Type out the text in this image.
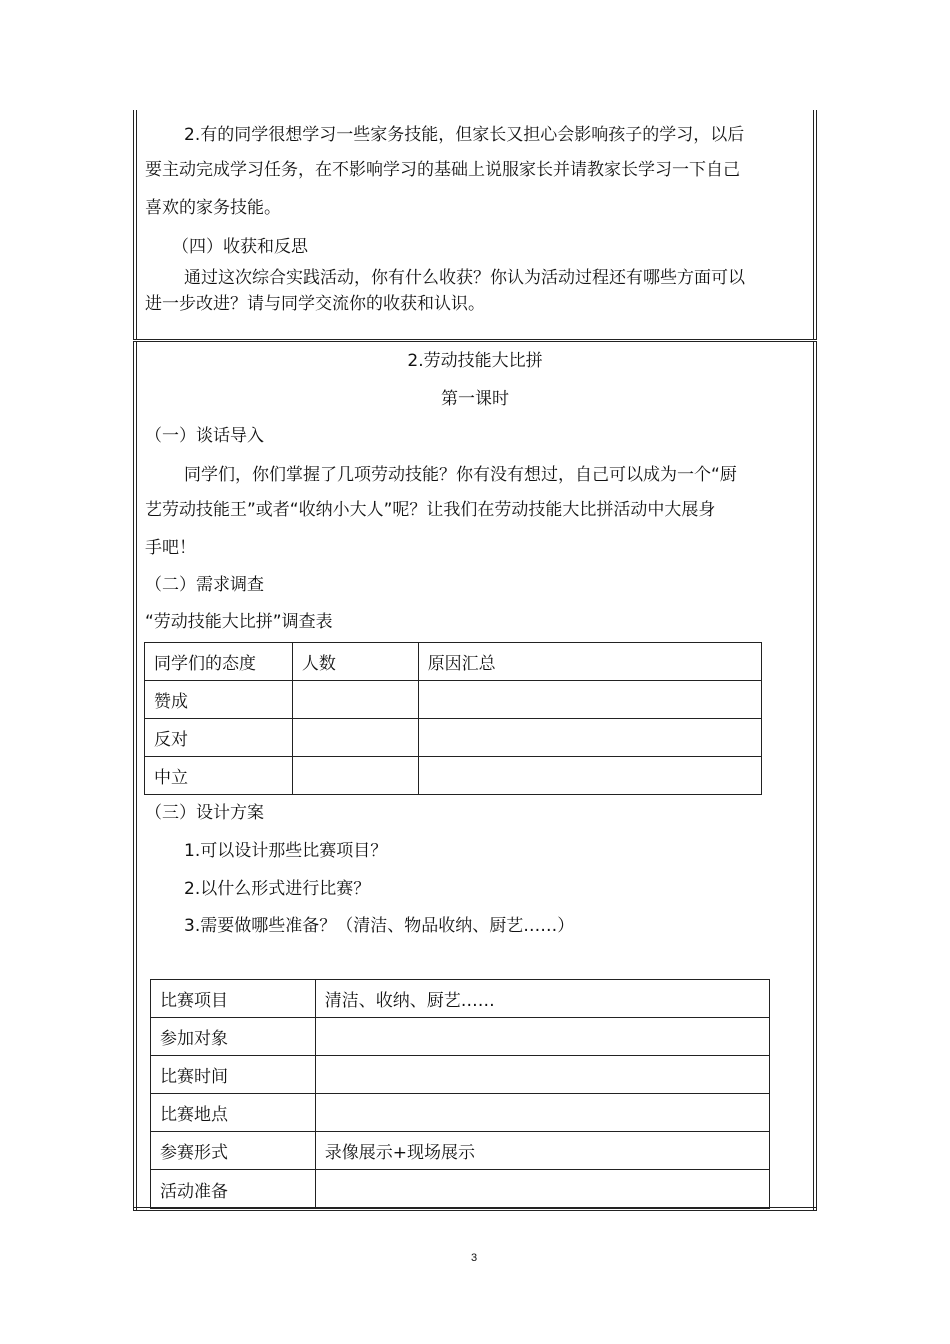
2.有的同学很想学习一些家务技能，但家长又担心会影响孩子的学习，以后
要主动完成学习任务，在不影响学习的基础上说服家长并请教家长学习一下自己
喜欢的家务技能。
（四）收获和反思
通过这次综合实践活动，你有什么收获？你认为活动过程还有哪些方面可以
进一步改进？请与同学交流你的收获和认识。
2.劳动技能大比拼
第一课时
（一）谈话导入
同学们，你们掌握了几项劳动技能？你有没有想过，自己可以成为一个“厨
艺劳动技能王”或者“收纳小大人”呢？让我们在劳动技能大比拼活动中大展身
手吧！
（二）需求调查
“劳动技能大比拼”调查表
同学们的态度	人数	原因汇总
赞成		
反对		
中立		
（三）设计方案
1.可以设计那些比赛项目？
2.以什么形式进行比赛？
3.需要做哪些准备？（清洁、物品收纳、厨艺……）
比赛项目	清洁、收纳、厨艺……
参加对象	
比赛时间	
比赛地点	
参赛形式	录像展示+现场展示
活动准备	
3
